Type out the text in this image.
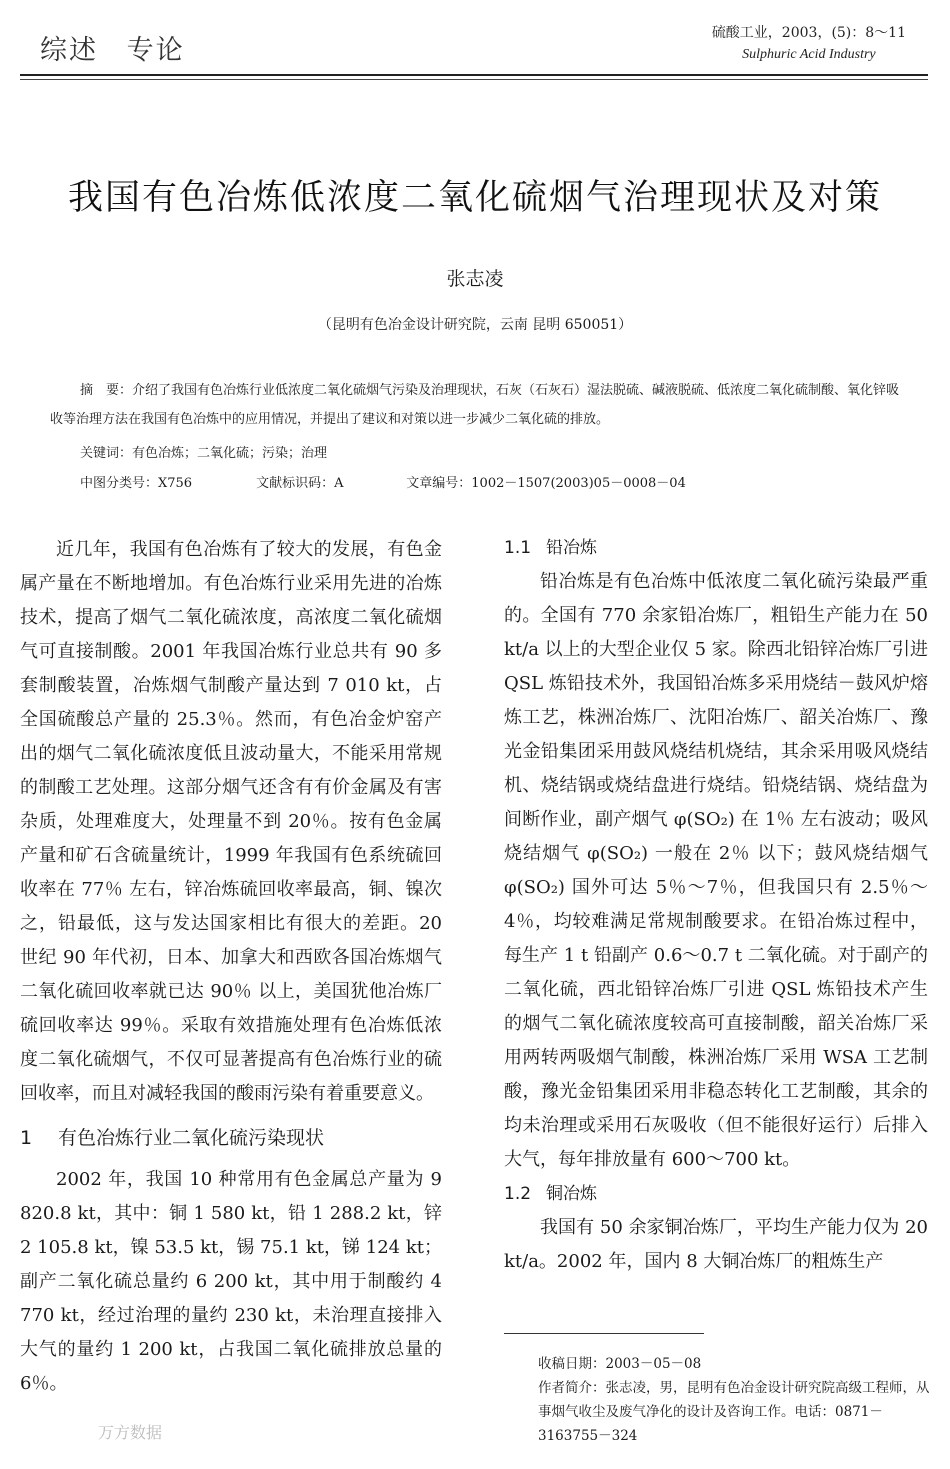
综述 专论
硫酸工业，2003，(5)：8～11
Sulphuric Acid Industry
我国有色冶炼低浓度二氧化硫烟气治理现状及对策
张志凌
（昆明有色冶金设计研究院，云南 昆明 650051）

摘　要：介绍了我国有色冶炼行业低浓度二氧化硫烟气污染及治理现状，石灰（石灰石）湿法脱硫、碱液脱硫、低浓度二氧化硫制酸、氧化锌吸收等治理方法在我国有色冶炼中的应用情况，并提出了建议和对策以进一步减少二氧化硫的排放。

关键词：有色冶炼；二氧化硫；污染；治理
中图分类号：X756	文献标识码：A	文章编号：1002－1507(2003)05－0008－04

近几年，我国有色冶炼有了较大的发展，有色金属产量在不断地增加。有色冶炼行业采用先进的冶炼技术，提高了烟气二氧化硫浓度，高浓度二氧化硫烟气可直接制酸。2001 年我国冶炼行业总共有 90 多套制酸装置，冶炼烟气制酸产量达到 7 010 kt，占全国硫酸总产量的 25.3％。然而，有色冶金炉窑产出的烟气二氧化硫浓度低且波动量大，不能采用常规的制酸工艺处理。这部分烟气还含有有价金属及有害杂质，处理难度大，处理量不到 20％。按有色金属产量和矿石含硫量统计，1999 年我国有色系统硫回收率在 77％ 左右，锌冶炼硫回收率最高，铜、镍次之，铅最低，这与发达国家相比有很大的差距。20 世纪 90 年代初，日本、加拿大和西欧各国冶炼烟气二氧化硫回收率就已达 90％ 以上，美国犹他冶炼厂硫回收率达 99％。采取有效措施处理有色冶炼低浓度二氧化硫烟气，不仅可显著提高有色冶炼行业的硫回收率，而且对减轻我国的酸雨污染有着重要意义。

1 有色冶炼行业二氧化硫污染现状

2002 年，我国 10 种常用有色金属总产量为 9 820.8 kt，其中：铜 1 580 kt，铅 1 288.2 kt，锌 2 105.8 kt，镍 53.5 kt，锡 75.1 kt，锑 124 kt；副产二氧化硫总量约 6 200 kt，其中用于制酸约 4 770 kt，经过治理的量约 230 kt，未治理直接排入大气的量约 1 200 kt，占我国二氧化硫排放总量的 6％。

1.1 铅冶炼

铅冶炼是有色冶炼中低浓度二氧化硫污染最严重的。全国有 770 余家铅冶炼厂，粗铅生产能力在 50 kt/a 以上的大型企业仅 5 家。除西北铅锌冶炼厂引进 QSL 炼铅技术外，我国铅冶炼多采用烧结－鼓风炉熔炼工艺，株洲冶炼厂、沈阳冶炼厂、韶关冶炼厂、豫光金铅集团采用鼓风烧结机烧结，其余采用吸风烧结机、烧结锅或烧结盘进行烧结。铅烧结锅、烧结盘为间断作业，副产烟气 φ(SO₂) 在 1％ 左右波动；吸风烧结烟气 φ(SO₂) 一般在 2％ 以下；鼓风烧结烟气 φ(SO₂) 国外可达 5％～7％，但我国只有 2.5％～4％，均较难满足常规制酸要求。在铅冶炼过程中，每生产 1 t 铅副产 0.6～0.7 t 二氧化硫。对于副产的二氧化硫，西北铅锌冶炼厂引进 QSL 炼铅技术产生的烟气二氧化硫浓度较高可直接制酸，韶关冶炼厂采用两转两吸烟气制酸，株洲冶炼厂采用 WSA 工艺制酸，豫光金铅集团采用非稳态转化工艺制酸，其余的均未治理或采用石灰吸收（但不能很好运行）后排入大气，每年排放量有 600～700 kt。

1.2 铜冶炼

我国有 50 余家铜冶炼厂，平均生产能力仅为 20 kt/a。2002 年，国内 8 大铜冶炼厂的粗炼生产

收稿日期：2003－05－08

作者简介：张志凌，男，昆明有色冶金设计研究院高级工程师，从事烟气收尘及废气净化的设计及咨询工作。电话：0871－3163755－324

万方数据
